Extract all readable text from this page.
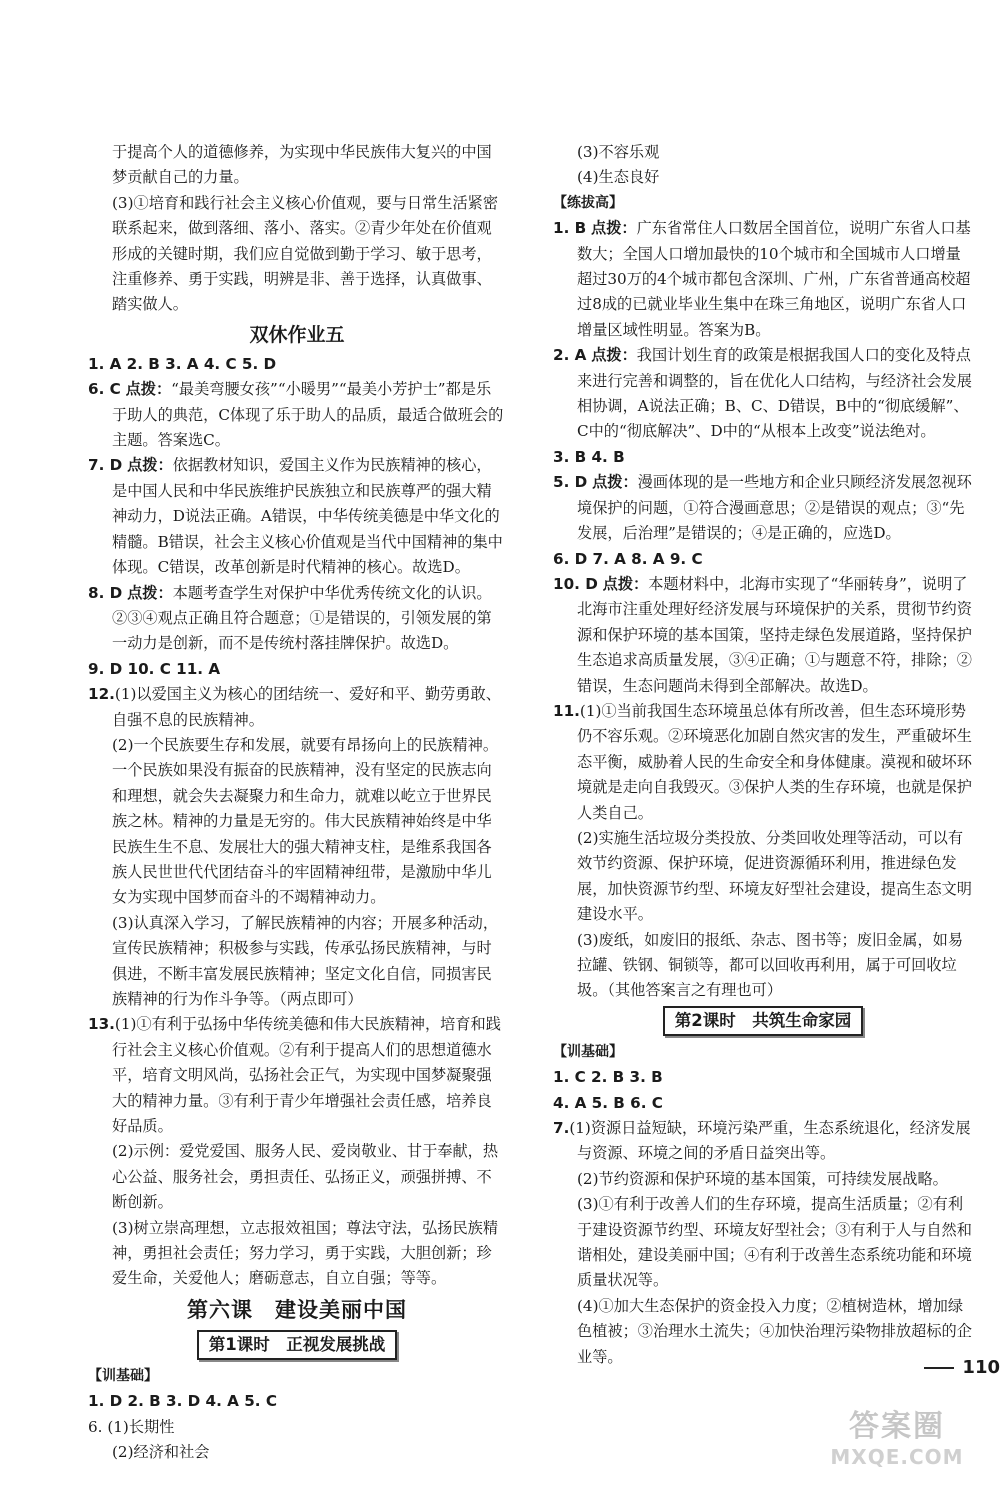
于提高个人的道德修养，为实现中华民族伟大复兴的中国梦贡献自己的力量。

(3)①培育和践行社会主义核心价值观，要与日常生活紧密联系起来，做到落细、落小、落实。②青少年处在价值观形成的关键时期，我们应自觉做到勤于学习、敏于思考，注重修养、勇于实践，明辨是非、善于选择，认真做事、踏实做人。

双休作业五

1. A 2. B 3. A 4. C 5. D

6. C 点拨：“最美弯腰女孩”“小暖男”“最美小芳护士”都是乐于助人的典范，C体现了乐于助人的品质，最适合做班会的主题。答案选C。

7. D 点拨：依据教材知识，爱国主义作为民族精神的核心，是中国人民和中华民族维护民族独立和民族尊严的强大精神动力，D说法正确。A错误，中华传统美德是中华文化的精髓。B错误，社会主义核心价值观是当代中国精神的集中体现。C错误，改革创新是时代精神的核心。故选D。

8. D 点拨：本题考查学生对保护中华优秀传统文化的认识。②③④观点正确且符合题意；①是错误的，引领发展的第一动力是创新，而不是传统村落挂牌保护。故选D。

9. D 10. C 11. A

12.(1)以爱国主义为核心的团结统一、爱好和平、勤劳勇敢、自强不息的民族精神。

(2)一个民族要生存和发展，就要有昂扬向上的民族精神。一个民族如果没有振奋的民族精神，没有坚定的民族志向和理想，就会失去凝聚力和生命力，就难以屹立于世界民族之林。精神的力量是无穷的。伟大民族精神始终是中华民族生生不息、发展壮大的强大精神支柱，是维系我国各族人民世世代代团结奋斗的牢固精神纽带，是激励中华儿女为实现中国梦而奋斗的不竭精神动力。

(3)认真深入学习，了解民族精神的内容；开展多种活动，宣传民族精神；积极参与实践，传承弘扬民族精神，与时俱进，不断丰富发展民族精神；坚定文化自信，同损害民族精神的行为作斗争等。（两点即可）

13.(1)①有利于弘扬中华传统美德和伟大民族精神，培育和践行社会主义核心价值观。②有利于提高人们的思想道德水平，培育文明风尚，弘扬社会正气，为实现中国梦凝聚强大的精神力量。③有利于青少年增强社会责任感，培养良好品质。

(2)示例：爱党爱国、服务人民、爱岗敬业、甘于奉献，热心公益、服务社会，勇担责任、弘扬正义，顽强拼搏、不断创新。

(3)树立崇高理想，立志报效祖国；尊法守法，弘扬民族精神，勇担社会责任；努力学习，勇于实践，大胆创新；珍爱生命，关爱他人；磨砺意志，自立自强；等等。

第六课　建设美丽中国

第1课时　正视发展挑战

【训基础】

1. D 2. B 3. D 4. A 5. C

6. (1)长期性

(2)经济和社会

(3)不容乐观

(4)生态良好

【练拔高】

1. B 点拨：广东省常住人口数居全国首位，说明广东省人口基数大；全国人口增加最快的10个城市和全国城市人口增量超过30万的4个城市都包含深圳、广州，广东省普通高校超过8成的已就业毕业生集中在珠三角地区，说明广东省人口增量区域性明显。答案为B。

2. A 点拨：我国计划生育的政策是根据我国人口的变化及特点来进行完善和调整的，旨在优化人口结构，与经济社会发展相协调，A说法正确；B、C、D错误，B中的“彻底缓解”、C中的“彻底解决”、D中的“从根本上改变”说法绝对。

3. B 4. B

5. D 点拨：漫画体现的是一些地方和企业只顾经济发展忽视环境保护的问题，①符合漫画意思；②是错误的观点；③“先发展，后治理”是错误的；④是正确的，应选D。

6. D 7. A 8. A 9. C

10. D 点拨：本题材料中，北海市实现了“华丽转身”，说明了北海市注重处理好经济发展与环境保护的关系，贯彻节约资源和保护环境的基本国策，坚持走绿色发展道路，坚持保护生态追求高质量发展，③④正确；①与题意不符，排除；②错误，生态问题尚未得到全部解决。故选D。

11.(1)①当前我国生态环境虽总体有所改善，但生态环境形势仍不容乐观。②环境恶化加剧自然灾害的发生，严重破坏生态平衡，威胁着人民的生命安全和身体健康。漠视和破坏环境就是走向自我毁灭。③保护人类的生存环境，也就是保护人类自己。

(2)实施生活垃圾分类投放、分类回收处理等活动，可以有效节约资源、保护环境，促进资源循环利用，推进绿色发展，加快资源节约型、环境友好型社会建设，提高生态文明建设水平。

(3)废纸，如废旧的报纸、杂志、图书等；废旧金属，如易拉罐、铁钢、铜锁等，都可以回收再利用，属于可回收垃圾。（其他答案言之有理也可）

第2课时　共筑生命家园

【训基础】

1. C 2. B 3. B

4. A 5. B 6. C

7.(1)资源日益短缺，环境污染严重，生态系统退化，经济发展与资源、环境之间的矛盾日益突出等。

(2)节约资源和保护环境的基本国策，可持续发展战略。

(3)①有利于改善人们的生存环境，提高生活质量；②有利于建设资源节约型、环境友好型社会；③有利于人与自然和谐相处，建设美丽中国；④有利于改善生态系统功能和环境质量状况等。

(4)①加大生态保护的资金投入力度；②植树造林，增加绿色植被；③治理水土流失；④加快治理污染物排放超标的企业等。

110
答案圈
MXQE.COM
